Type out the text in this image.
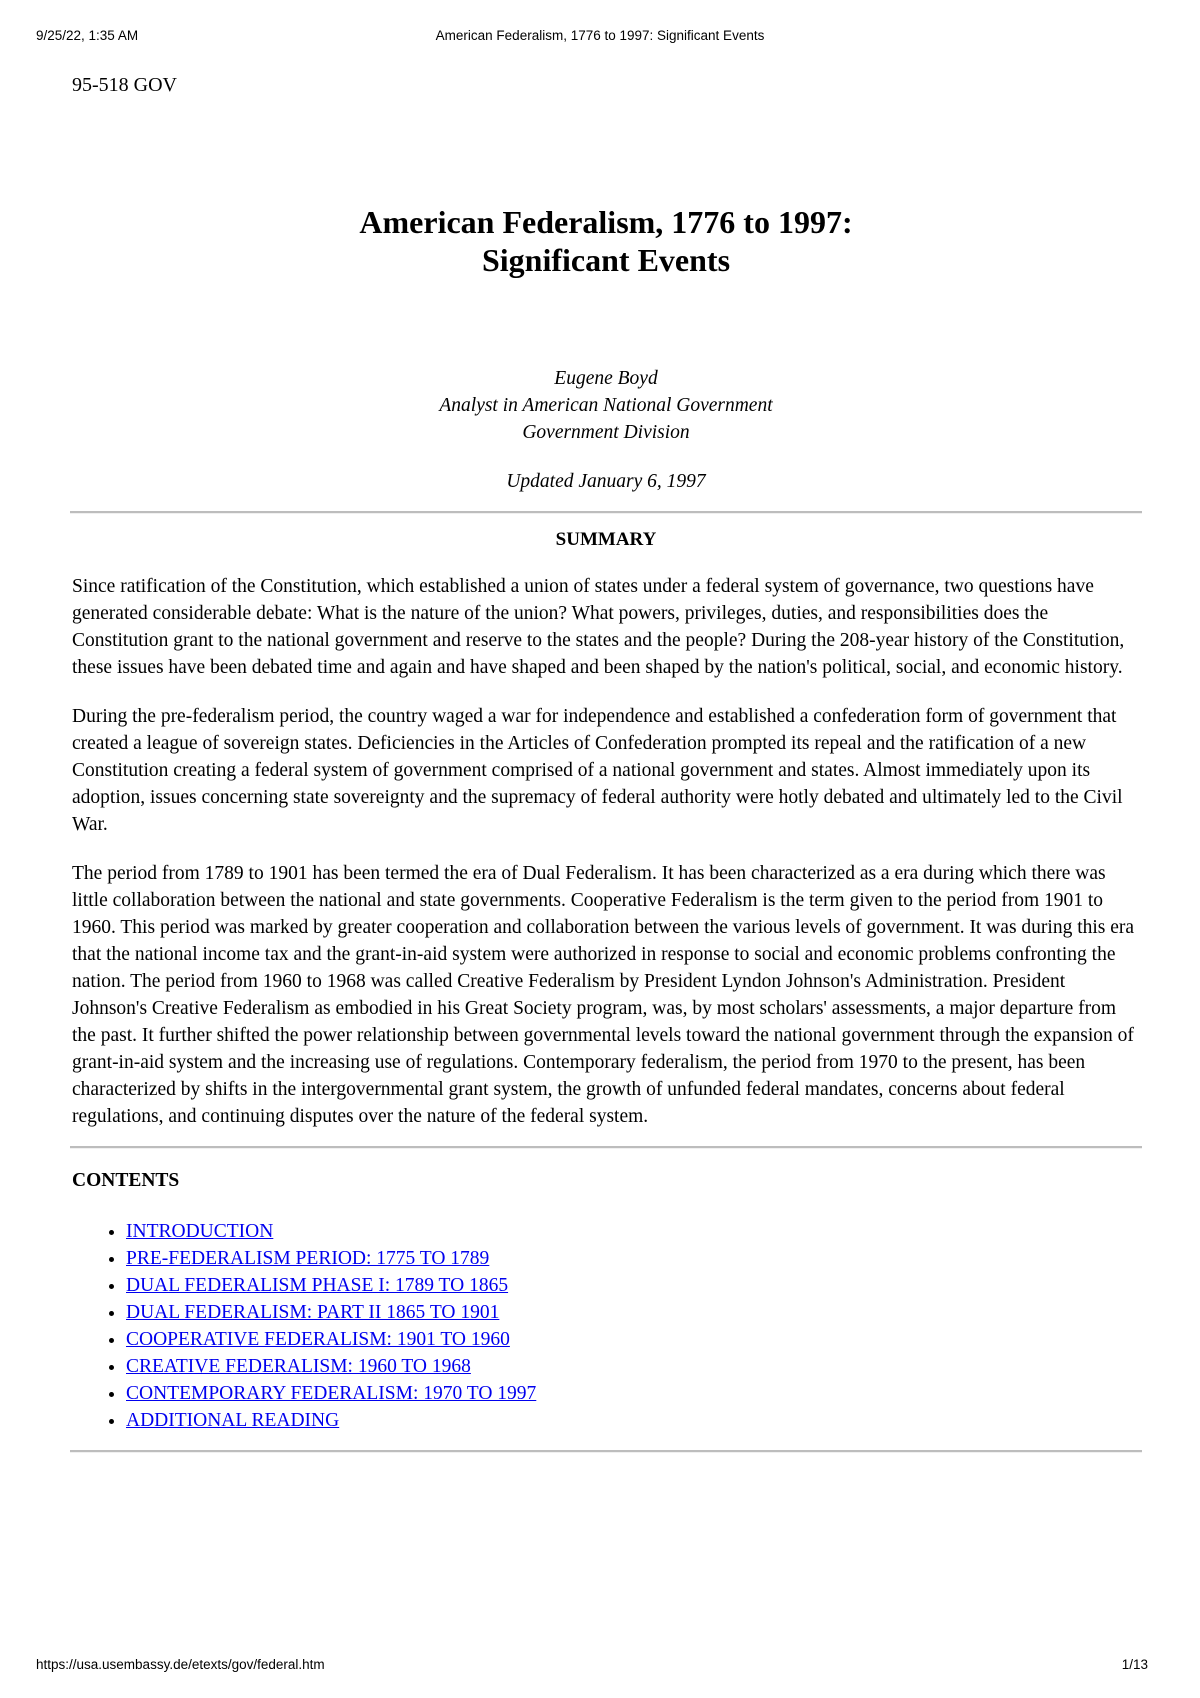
9/25/22, 1:35 AM	American Federalism, 1776 to 1997: Significant Events
95-518 GOV
American Federalism, 1776 to 1997:
Significant Events
Eugene Boyd
Analyst in American National Government
Government Division
Updated January 6, 1997
SUMMARY

Since ratification of the Constitution, which established a union of states under a federal system of governance, two questions have generated considerable debate: What is the nature of the union? What powers, privileges, duties, and responsibilities does the Constitution grant to the national government and reserve to the states and the people? During the 208-year history of the Constitution, these issues have been debated time and again and have shaped and been shaped by the nation's political, social, and economic history.

During the pre-federalism period, the country waged a war for independence and established a confederation form of government that created a league of sovereign states. Deficiencies in the Articles of Confederation prompted its repeal and the ratification of a new Constitution creating a federal system of government comprised of a national government and states. Almost immediately upon its adoption, issues concerning state sovereignty and the supremacy of federal authority were hotly debated and ultimately led to the Civil War.

The period from 1789 to 1901 has been termed the era of Dual Federalism. It has been characterized as a era during which there was little collaboration between the national and state governments. Cooperative Federalism is the term given to the period from 1901 to 1960. This period was marked by greater cooperation and collaboration between the various levels of government. It was during this era that the national income tax and the grant-in-aid system were authorized in response to social and economic problems confronting the nation. The period from 1960 to 1968 was called Creative Federalism by President Lyndon Johnson's Administration. President Johnson's Creative Federalism as embodied in his Great Society program, was, by most scholars' assessments, a major departure from the past. It further shifted the power relationship between governmental levels toward the national government through the expansion of grant-in-aid system and the increasing use of regulations. Contemporary federalism, the period from 1970 to the present, has been characterized by shifts in the intergovernmental grant system, the growth of unfunded federal mandates, concerns about federal regulations, and continuing disputes over the nature of the federal system.

CONTENTS
• INTRODUCTION
• PRE-FEDERALISM PERIOD: 1775 TO 1789
• DUAL FEDERALISM PHASE I: 1789 TO 1865
• DUAL FEDERALISM: PART II 1865 TO 1901
• COOPERATIVE FEDERALISM: 1901 TO 1960
• CREATIVE FEDERALISM: 1960 TO 1968
• CONTEMPORARY FEDERALISM: 1970 TO 1997
• ADDITIONAL READING
https://usa.usembassy.de/etexts/gov/federal.htm	1/13
